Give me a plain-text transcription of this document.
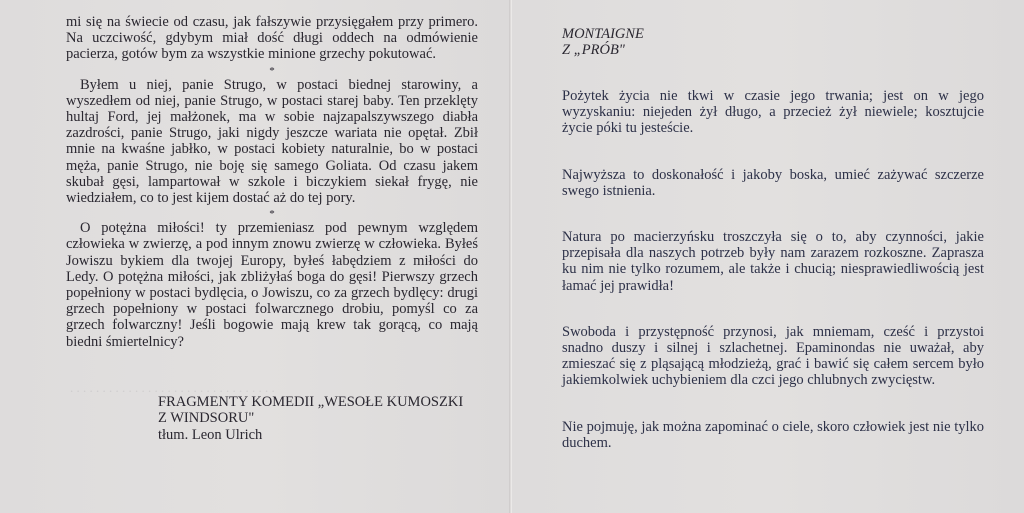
. . . . . . . . . . . . . . . . . . . . . . . . . . . . . . . .

mi się na świecie od czasu, jak fałszywie przysięgałem przy primero. Na uczciwość, gdybym miał dość długi oddech na odmówienie pacierza, gotów bym za wszystkie minione grzechy pokutować.

*

Byłem u niej, panie Strugo, w postaci biednej starowiny, a wyszedłem od niej, panie Strugo, w postaci starej baby. Ten przeklęty hultaj Ford, jej małżonek, ma w sobie najzapalszywszego diabła zazdrości, panie Strugo, jaki nigdy jeszcze wariata nie opętał. Zbił mnie na kwaśne jabłko, w postaci kobiety naturalnie, bo w postaci męża, panie Strugo, nie boję się samego Goliata. Od czasu jakem skubał gęsi, lampartował w szkole i biczykiem siekał frygę, nie wiedziałem, co to jest kijem dostać aż do tej pory.

*

O potężna miłości! ty przemieniasz pod pewnym względem człowieka w zwierzę, a pod innym znowu zwierzę w człowieka. Byłeś Jowiszu bykiem dla twojej Europy, byłeś łabędziem z miłości do Ledy. O potężna miłości, jak zbliżyłaś boga do gęsi! Pierwszy grzech popełniony w postaci bydlęcia, o Jowiszu, co za grzech bydlęcy: drugi grzech popełniony w postaci folwarcznego drobiu, pomyśl co za grzech folwarczny! Jeśli bogowie mają krew tak gorącą, co mają biedni śmiertelnicy?

FRAGMENTY KOMEDII „WESOŁE KUMOSZKI
Z WINDSORU"
tłum. Leon Ulrich
MONTAIGNE
Z „PRÓB"

Pożytek życia nie tkwi w czasie jego trwania; jest on w jego wyzyskaniu: niejeden żył długo, a przecież żył niewiele; kosztujcie życie póki tu jesteście.

Najwyższa to doskonałość i jakoby boska, umieć zażywać szczerze swego istnienia.

Natura po macierzyńsku troszczyła się o to, aby czynności, jakie przepisała dla naszych potrzeb były nam zarazem rozkoszne. Zaprasza ku nim nie tylko rozumem, ale także i chucią; niesprawiedliwością jest łamać jej prawidła!

Swoboda i przystępność przynosi, jak mniemam, cześć i przystoi snadno duszy i silnej i szlachetnej. Epaminondas nie uważał, aby zmieszać się z pląsającą młodzieżą, grać i bawić się całem sercem było jakiemkolwiek uchybieniem dla czci jego chlubnych zwycięstw.

Nie pojmuję, jak można zapominać o ciele, skoro człowiek jest nie tylko duchem.
